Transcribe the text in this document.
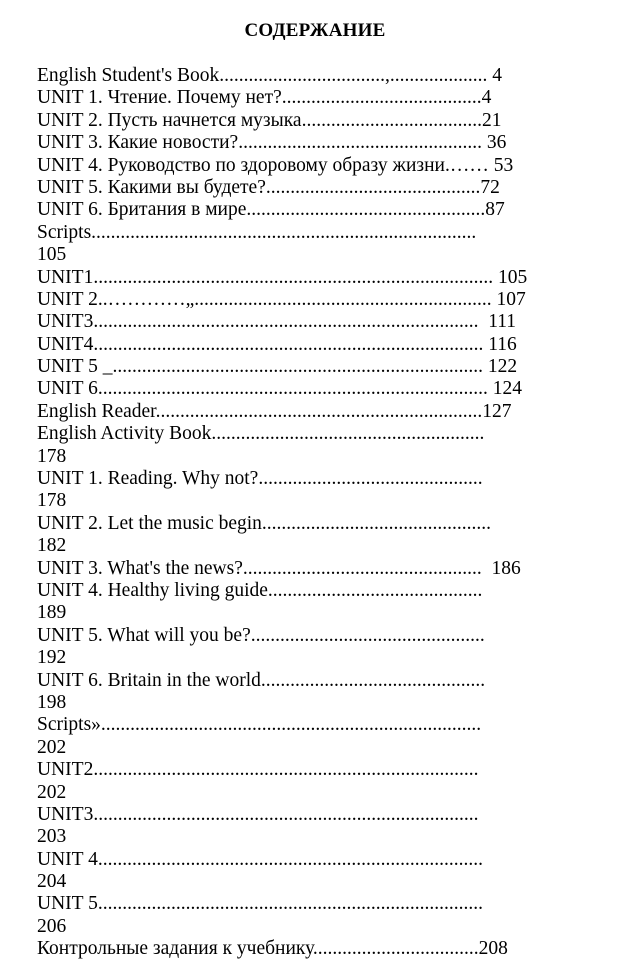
СОДЕРЖАНИЕ
English Student's Book..................................,.................... 4
UNIT 1. Чтение. Почему нет?.........................................4
UNIT 2. Пусть начнется музыка.....................................21
UNIT 3. Какие новости?.................................................. 36
UNIT 4. Руководство по здоровому образу жизни.…… 53
UNIT 5. Какими вы будете?............................................72
UNIT 6. Британия в мире.................................................87
Scripts...............................................................................
105
UNIT1.................................................................................. 105
UNIT 2..…………„............................................................. 107
UNIT3...............................................................................  111
UNIT4................................................................................ 116
UNIT 5 _............................................................................ 122
UNIT 6................................................................................ 124
English Reader...................................................................127
English Activity Book........................................................
178
UNIT 1. Reading. Why not?..............................................
178
UNIT 2. Let the music begin...............................................
182
UNIT 3. What's the news?.................................................  186
UNIT 4. Healthy living guide............................................
189
UNIT 5. What will you be?................................................
192
UNIT 6. Britain in the world..............................................
198
Scripts»..............................................................................
202
UNIT2...............................................................................
202
UNIT3...............................................................................
203
UNIT 4...............................................................................
204
UNIT 5...............................................................................
206
Контрольные задания к учебнику..................................208
